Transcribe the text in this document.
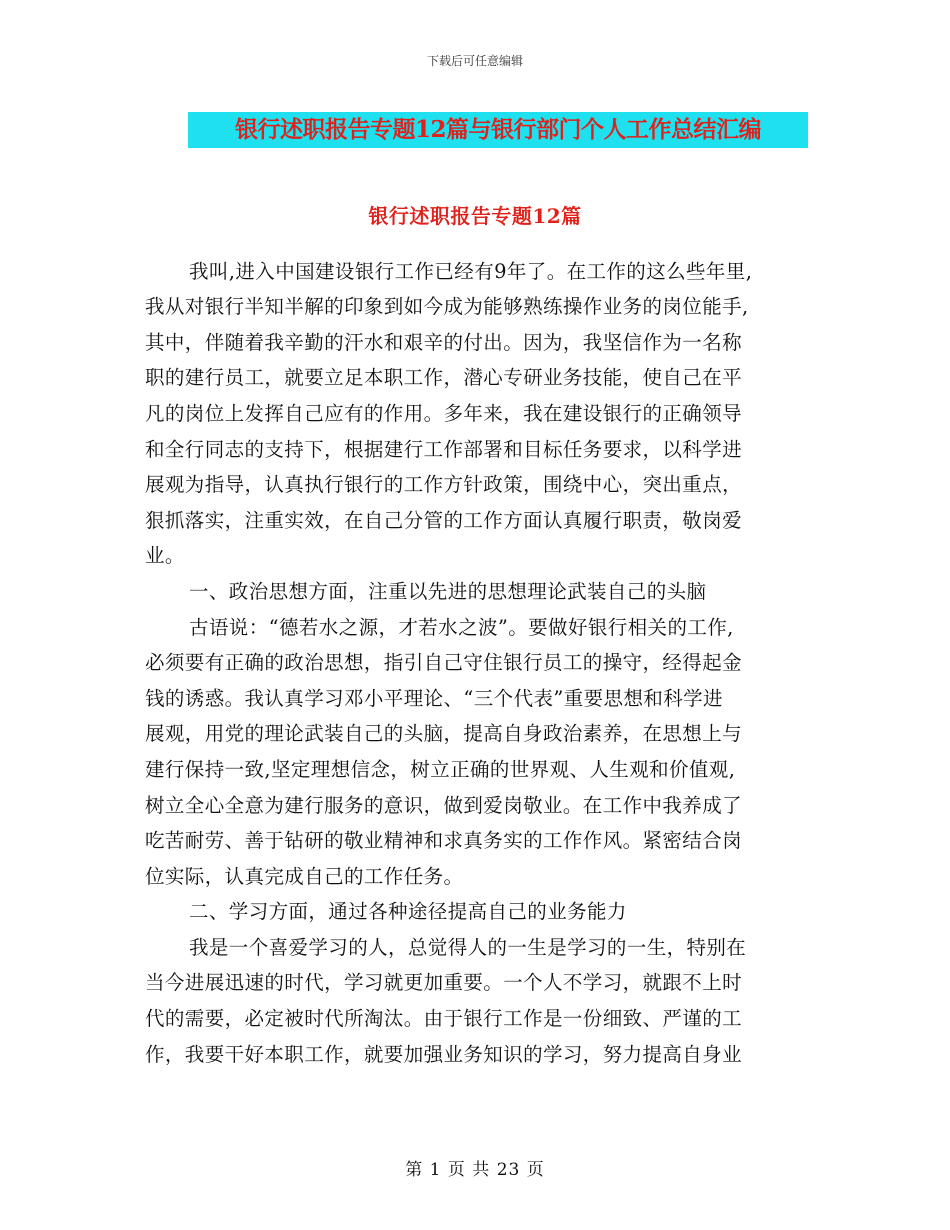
下载后可任意编辑
银行述职报告专题12篇与银行部门个人工作总结汇编
银行述职报告专题12篇

我叫,进入中国建设银行工作已经有9年了。在工作的这么些年里,
我从对银行半知半解的印象到如今成为能够熟练操作业务的岗位能手,
其中，伴随着我辛勤的汗水和艰辛的付出。因为，我坚信作为一名称
职的建行员工，就要立足本职工作，潜心专研业务技能，使自己在平
凡的岗位上发挥自己应有的作用。多年来，我在建设银行的正确领导
和全行同志的支持下，根据建行工作部署和目标任务要求，以科学进
展观为指导，认真执行银行的工作方针政策，围绕中心，突出重点，
狠抓落实，注重实效，在自己分管的工作方面认真履行职责，敬岗爱
业。
一、政治思想方面，注重以先进的思想理论武装自己的头脑
古语说：“德若水之源，才若水之波”。要做好银行相关的工作,
必须要有正确的政治思想，指引自己守住银行员工的操守，经得起金
钱的诱惑。我认真学习邓小平理论、“三个代表”重要思想和科学进
展观，用党的理论武装自己的头脑，提高自身政治素养，在思想上与
建行保持一致,坚定理想信念，树立正确的世界观、人生观和价值观,
树立全心全意为建行服务的意识，做到爱岗敬业。在工作中我养成了
吃苦耐劳、善于钻研的敬业精神和求真务实的工作作风。紧密结合岗
位实际，认真完成自己的工作任务。
二、学习方面，通过各种途径提高自己的业务能力
我是一个喜爱学习的人，总觉得人的一生是学习的一生，特别在
当今进展迅速的时代，学习就更加重要。一个人不学习，就跟不上时
代的需要，必定被时代所淘汰。由于银行工作是一份细致、严谨的工
作，我要干好本职工作，就要加强业务知识的学习，努力提高自身业
第 1 页 共 23 页
